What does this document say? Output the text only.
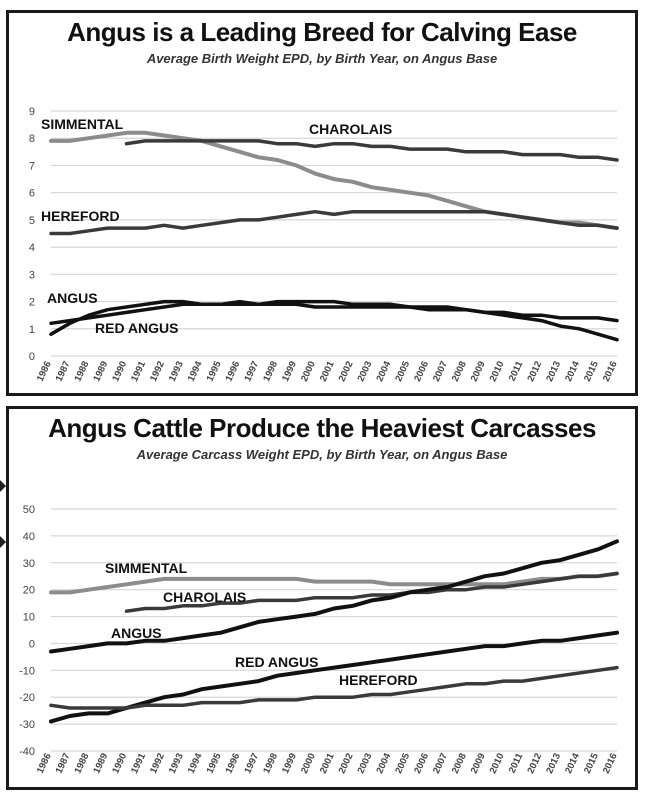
Angus is a Leading Breed for Calving Ease
Average Birth Weight EPD, by Birth Year, on Angus Base
0
1
2
3
4
5
6
7
8
9
1986 1987 1988 1989 1990 1991 1992 1993 1994 1995 1996 1997 1998 1999 2000 2001 2002 2003 2004 2005 2006 2007 2008 2009 2010 2011 2012 2013 2014 2015 2016
SIMMENTAL	CHAROLAIS
HEREFORD
ANGUS
RED ANGUS
Angus Cattle Produce the Heaviest Carcasses
Average Carcass Weight EPD, by Birth Year, on Angus Base
50
40
30
20
10
0
-10
-20
-30
-40 1986 1987 1988 1989 1990 1991 1992 1993 1994 1995 1996 1997 1998 1999 2000 2001 2002 2003 2004 2005 2006 2007 2008 2009 2010 2011 2012 2013 2014 2015 2016
SIMMENTAL
CHAROLAIS
ANGUS
RED ANGUS
HEREFORD
